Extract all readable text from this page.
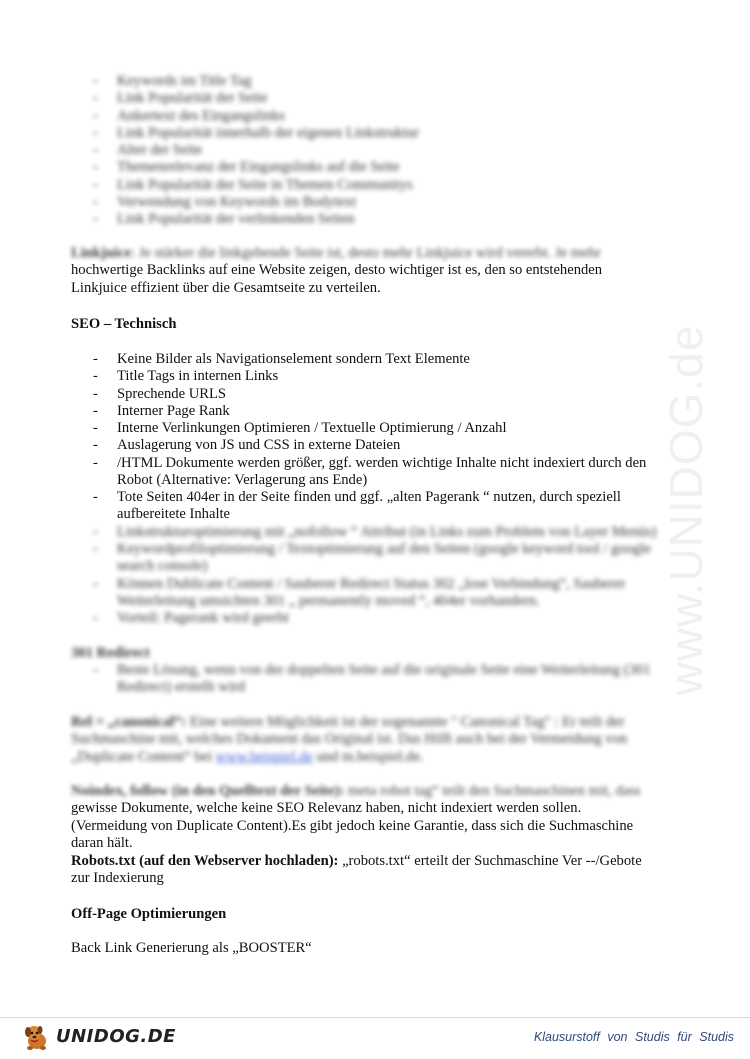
www.UNIDOG.de
- Keywords im Title Tag
- Link Popularität der Seite
- Ankertext des Eingangslinks
- Link Popularität innerhalb der eigenen Linkstruktur
- Alter der Seite
- Themenrelevanz der Eingangslinks auf die Seite
- Link Popularität der Seite in Themen Communitys
- Verwendung von Keywords im Bodytext
- Link Popularität der verlinkenden Seiten
Linkjuice: Je stärker die linkgebende Seite ist, desto mehr Linkjuice wird vererbt. Je mehr
hochwertige Backlinks auf eine Website zeigen, desto wichtiger ist es, den so entstehenden
Linkjuice effizient über die Gesamtseite zu verteilen.
SEO – Technisch
- Keine Bilder als Navigationselement sondern Text Elemente
- Title Tags in internen Links
- Sprechende URLS
- Interner Page Rank
- Interne Verlinkungen Optimieren / Textuelle Optimierung / Anzahl
- Auslagerung von JS und CSS in externe Dateien
- /HTML Dokumente werden größer, ggf. werden wichtige Inhalte nicht indexiert durch den
Robot (Alternative: Verlagerung ans Ende)
- Tote Seiten 404er in der Seite finden und ggf. „alten Pagerank “ nutzen, durch speziell
aufbereitete Inhalte
- Linkstrukturoptimierung mit „nofollow “ Attribut (in Links zum Problem von Layer Menüs)
- Keywordprofiloptimierung / Textoptimierung auf den Seiten (google keyword tool / google
search console)
- Können Dublicate Content / Sauberer Redirect Status 302 „lose Verbindung“, Sauberer
Weiterleitung umsichten 301 „ permanently moved “, 404er vorhandern.
- Vorteil: Pagerank wird geerbt
301 Redirect
- Beste Lösung, wenn von der doppelten Seite auf die originale Seite eine Weiterleitung (301
Redirect) erstellt wird
Rel = „canonical“: Eine weitere Möglichkeit ist der sogenannte " Canonical Tag" : Er teilt der
Suchmaschine mit, welches Dokument das Original ist. Das Hilft auch bei der Vermeidung von
„Duplicate Content“ bei www.beispiel.de und m.beispiel.de.
Noindex, follow (in den Quelltext der Seite): meta robot tag“ teilt den Suchmaschinen mit, dass
gewisse Dokumente, welche keine SEO Relevanz haben, nicht indexiert werden sollen.
(Vermeidung von Duplicate Content).Es gibt jedoch keine Garantie, dass sich die Suchmaschine
daran hält.
Robots.txt (auf den Webserver hochladen): „robots.txt“ erteilt der Suchmaschine Ver --/Gebote
zur Indexierung
Off-Page Optimierungen
Back Link Generierung als „BOOSTER“
UNIDOG.DE	Klausurstoff von Studis für Studis
